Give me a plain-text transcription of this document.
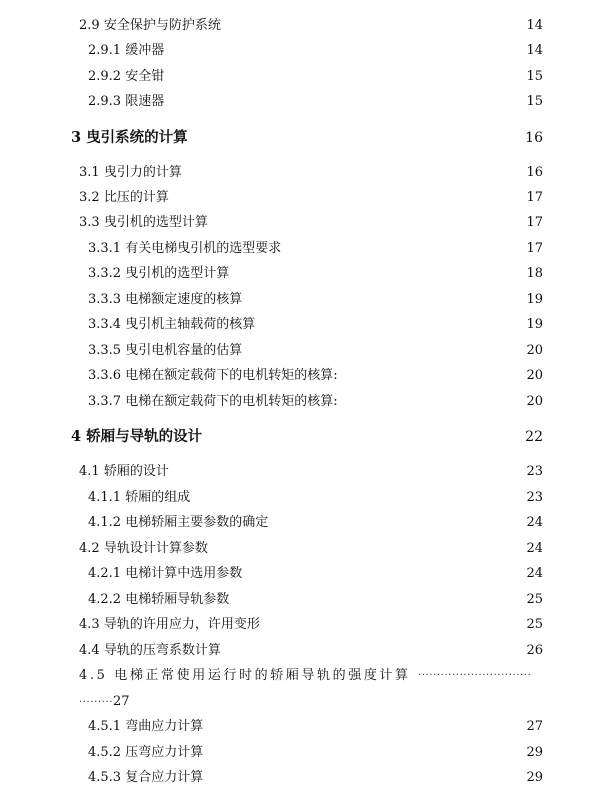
2.9 安全保护与防护系统	14
2.9.1 缓冲器	14
2.9.2 安全钳	15
2.9.3 限速器	15
3 曳引系统的计算	16
3.1 曳引力的计算	16
3.2 比压的计算	17
3.3 曳引机的选型计算	17
3.3.1 有关电梯曳引机的选型要求	17
3.3.2 曳引机的选型计算	18
3.3.3 电梯额定速度的核算	19
3.3.4 曳引机主轴载荷的核算	19
3.3.5 曳引电机容量的估算	20
3.3.6 电梯在额定载荷下的电机转矩的核算:	20
3.3.7 电梯在额定载荷下的电机转矩的核算:	20
4 轿厢与导轨的设计	22
4.1 轿厢的设计	23
4.1.1 轿厢的组成	23
4.1.2 电梯轿厢主要参数的确定	24
4.2 导轨设计计算参数	24
4.2.1 电梯计算中选用参数	24
4.2.2 电梯轿厢导轨参数	25
4.3 导轨的许用应力，许用变形	25
4.4 导轨的压弯系数计算	26
4.5 电梯正常使用运行时的轿厢导轨的强度计算 ······························
·········27
4.5.1 弯曲应力计算	27
4.5.2 压弯应力计算	29
4.5.3 复合应力计算	29
